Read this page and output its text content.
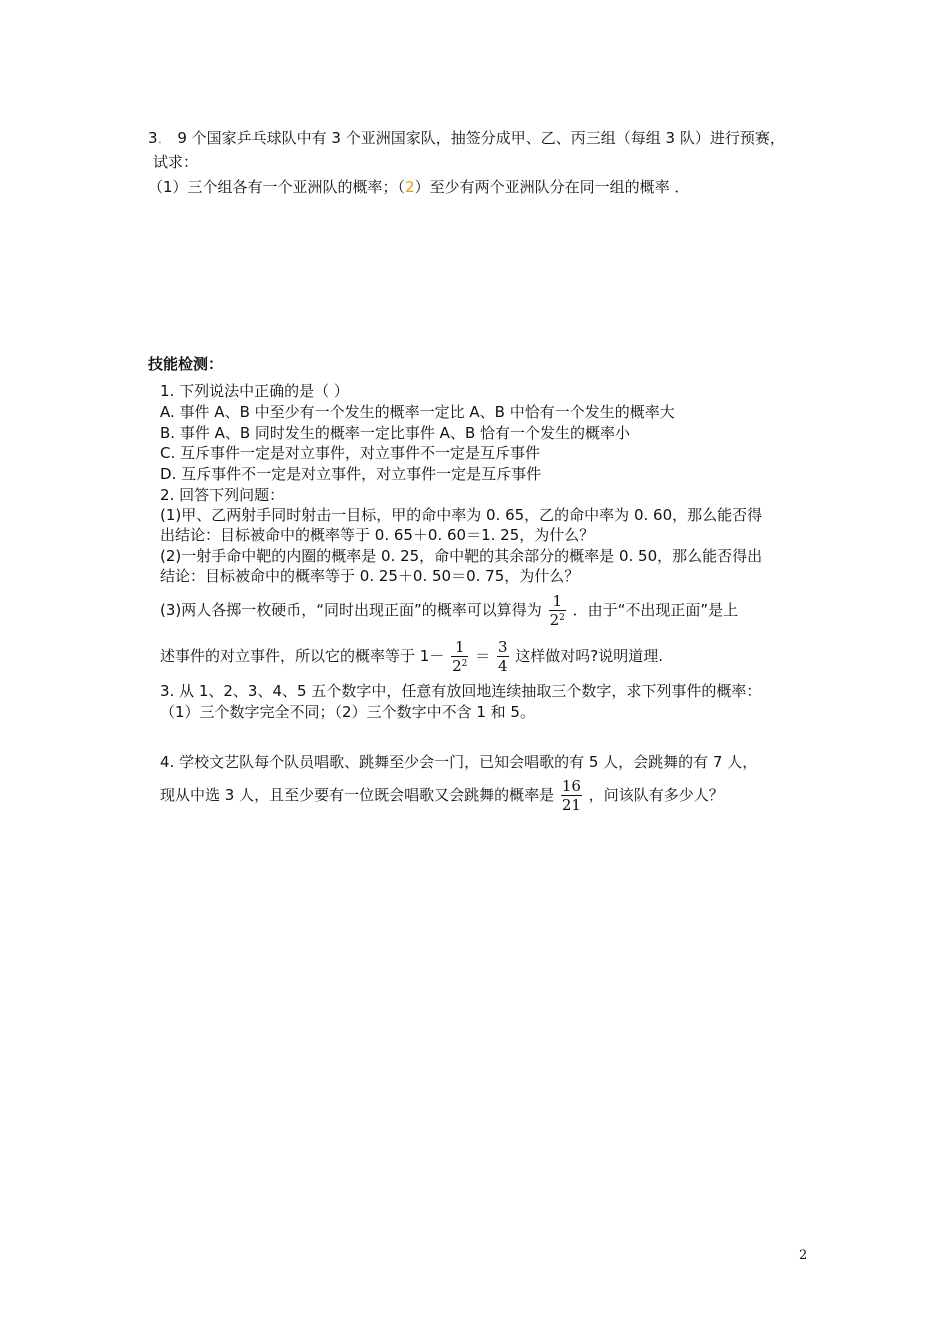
3． 9 个国家乒乓球队中有 3 个亚洲国家队，抽签分成甲、乙、丙三组（每组 3 队）进行预赛，
试求：
（1）三个组各有一个亚洲队的概率；（2）至少有两个亚洲队分在同一组的概率 ．
技能检测：
1. 下列说法中正确的是（ ）
A. 事件 A、B 中至少有一个发生的概率一定比 A、B 中恰有一个发生的概率大
B. 事件 A、B 同时发生的概率一定比事件 A、B 恰有一个发生的概率小
C. 互斥事件一定是对立事件，对立事件不一定是互斥事件
D. 互斥事件不一定是对立事件，对立事件一定是互斥事件
2. 回答下列问题：
(1)甲、乙两射手同时射击一目标，甲的命中率为 0. 65，乙的命中率为 0. 60，那么能否得
出结论：目标被命中的概率等于 0. 65＋0. 60＝1. 25，为什么？
(2)一射手命中靶的内圈的概率是 0. 25，命中靶的其余部分的概率是 0. 50，那么能否得出
结论：目标被命中的概率等于 0. 25＋0. 50＝0. 75，为什么？
(3)两人各掷一枚硬币，“同时出现正面”的概率可以算得为 $\frac{1}{2^2}$ ．由于“不出现正面”是上
述事件的对立事件，所以它的概率等于 $1- \frac{1}{2^2} = \frac{3}{4}$ 这样做对吗?说明道理.
3. 从 1、2、3、4、5 五个数字中，任意有放回地连续抽取三个数字，求下列事件的概率：
（1）三个数字完全不同；（2）三个数字中不含 1 和 5。
4. 学校文艺队每个队员唱歌、跳舞至少会一门，已知会唱歌的有 5 人，会跳舞的有 7 人，
现从中选 3 人，且至少要有一位既会唱歌又会跳舞的概率是 $\frac{16}{21}$ ，问该队有多少人？
2
